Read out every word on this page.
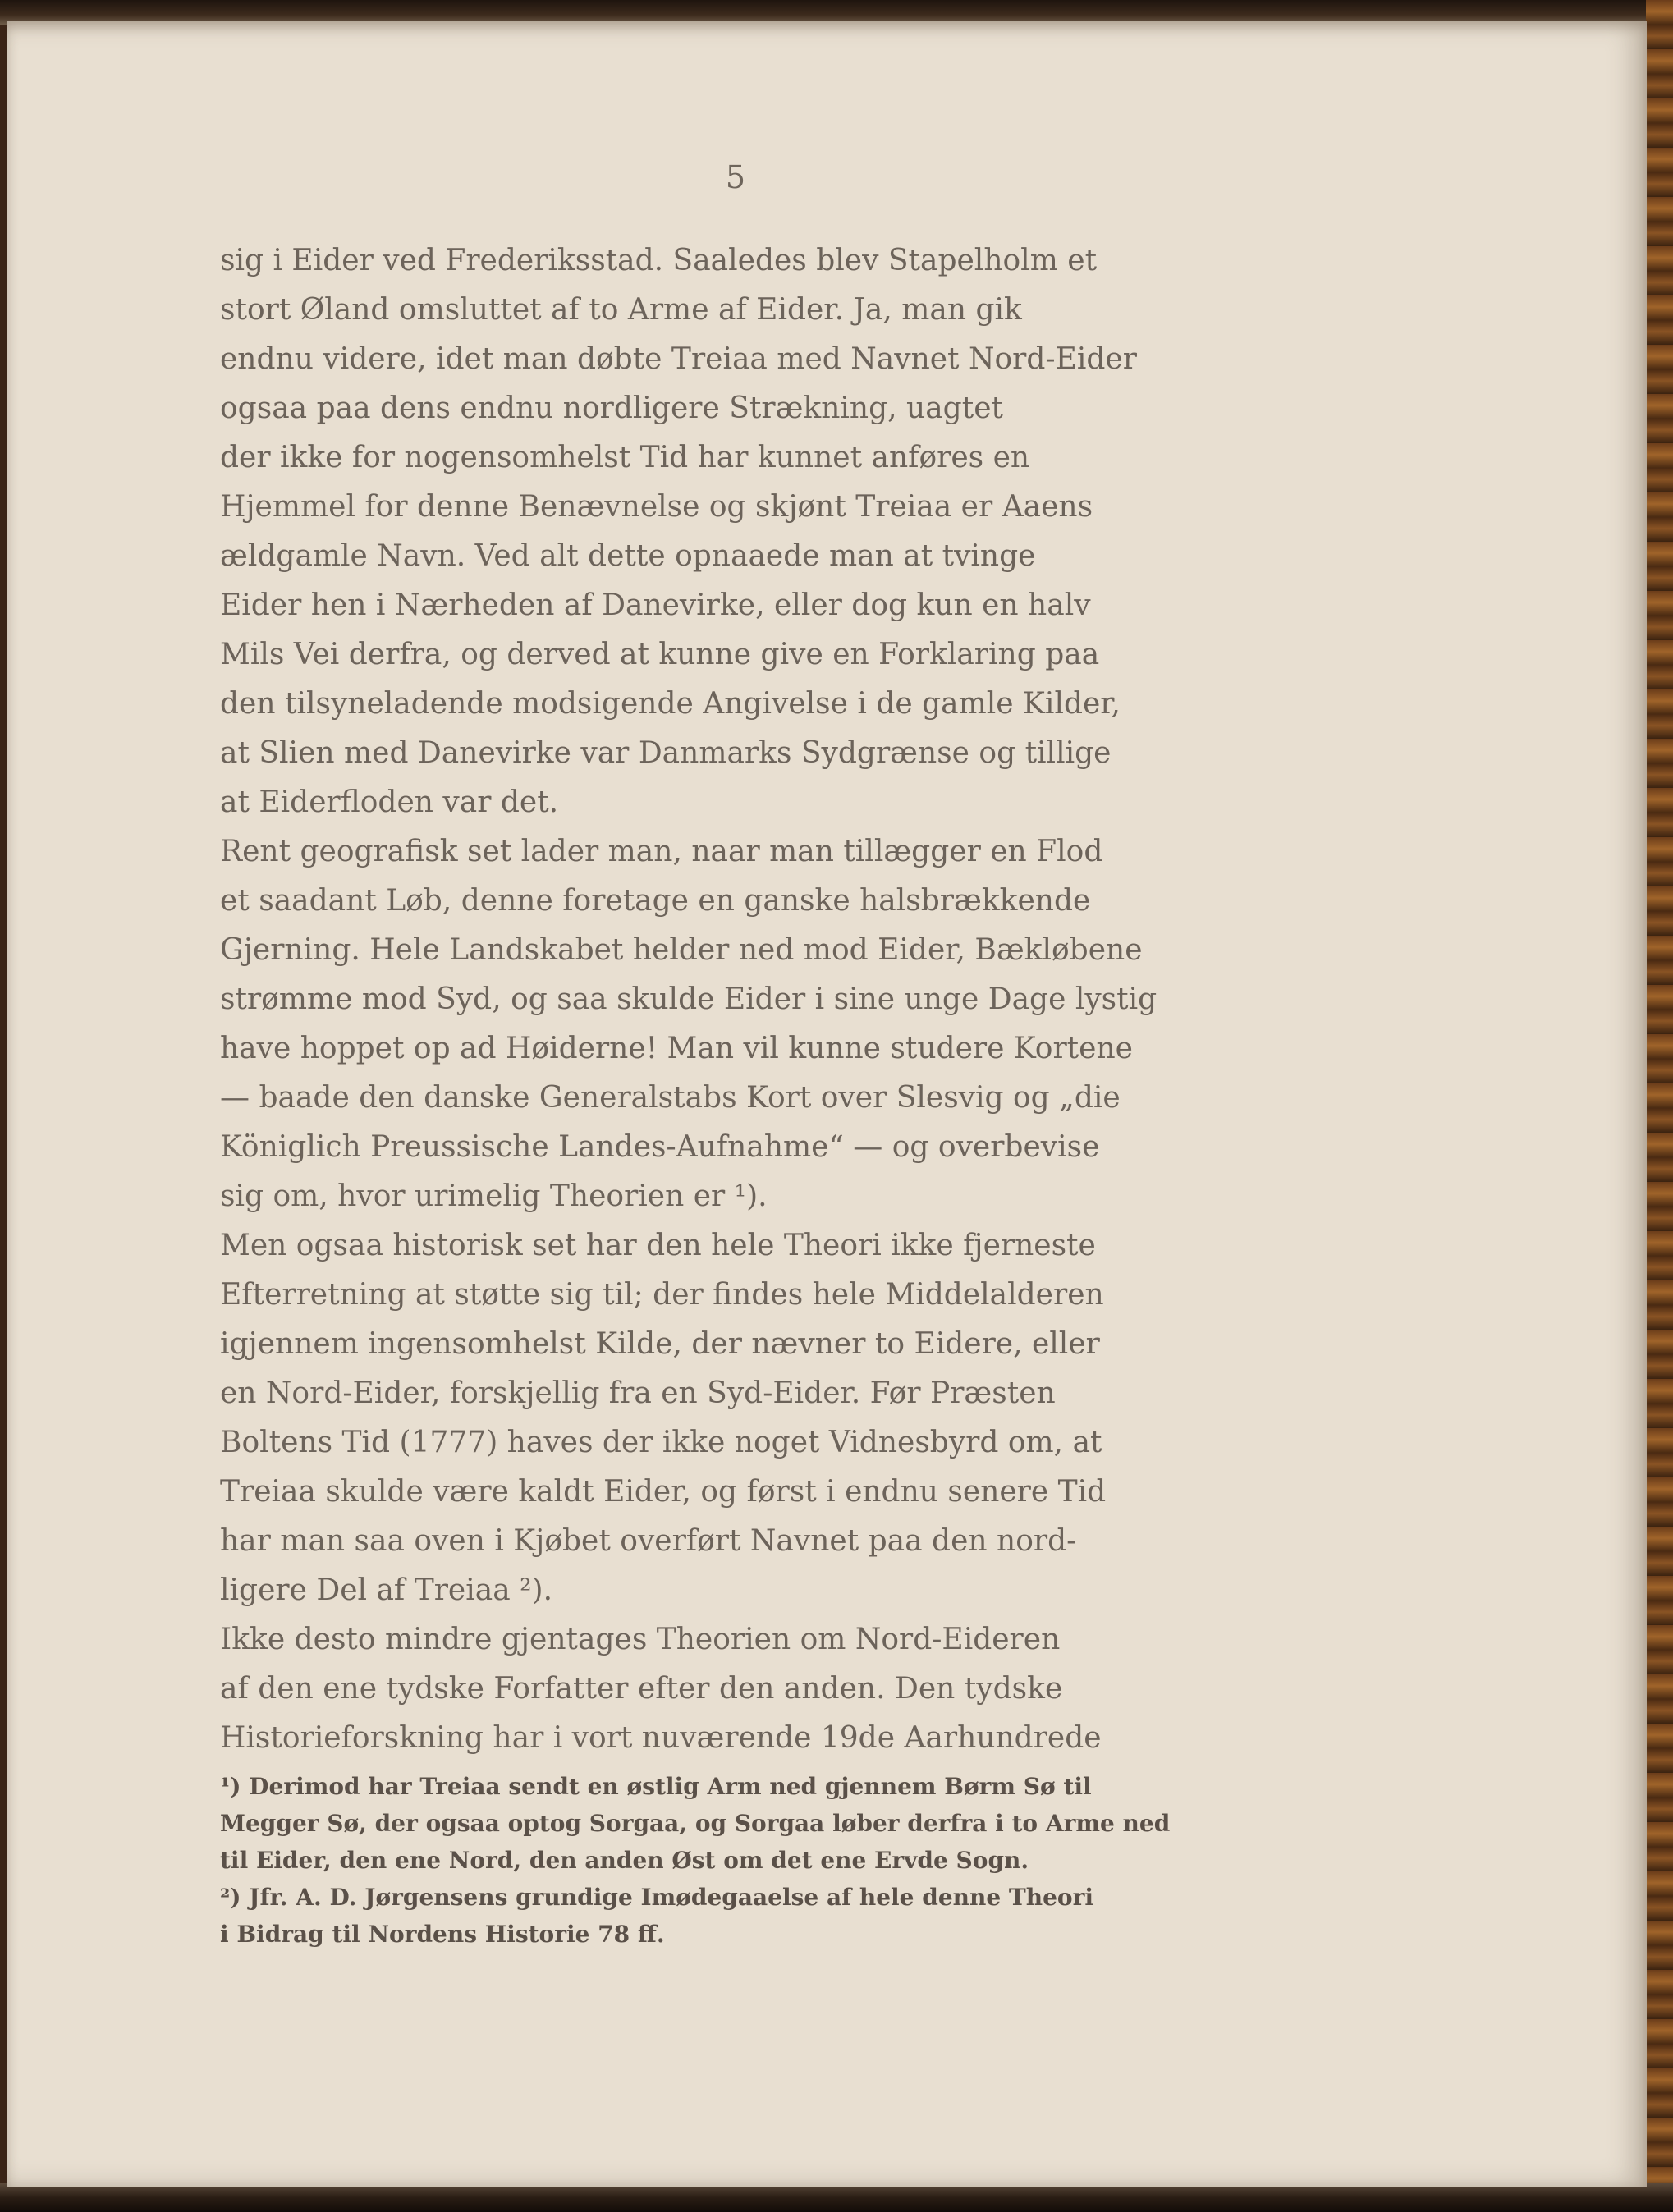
5

sig i Eider ved Frederiksstad. Saaledes blev Stapelholm et
stort Øland omsluttet af to Arme af Eider. Ja, man gik
endnu videre, idet man døbte Treiaa med Navnet Nord-Eider
ogsaa paa dens endnu nordligere Strækning, uagtet
der ikke for nogensomhelst Tid har kunnet anføres en
Hjemmel for denne Benævnelse og skjønt Treiaa er Aaens
ældgamle Navn. Ved alt dette opnaaede man at tvinge
Eider hen i Nærheden af Danevirke, eller dog kun en halv
Mils Vei derfra, og derved at kunne give en Forklaring paa
den tilsyneladende modsigende Angivelse i de gamle Kilder,
at Slien med Danevirke var Danmarks Sydgrænse og tillige
at Eiderfloden var det.

Rent geografisk set lader man, naar man tillægger en Flod
et saadant Løb, denne foretage en ganske halsbrækkende
Gjerning. Hele Landskabet helder ned mod Eider, Bækløbene
strømme mod Syd, og saa skulde Eider i sine unge Dage lystig
have hoppet op ad Høiderne! Man vil kunne studere Kortene
— baade den danske Generalstabs Kort over Slesvig og „die
Königlich Preussische Landes-Aufnahme“ — og overbevise
sig om, hvor urimelig Theorien er ¹).

Men ogsaa historisk set har den hele Theori ikke fjerneste
Efterretning at støtte sig til; der findes hele Middelalderen
igjennem ingensomhelst Kilde, der nævner to Eidere, eller
en Nord-Eider, forskjellig fra en Syd-Eider. Før Præsten
Boltens Tid (1777) haves der ikke noget Vidnesbyrd om, at
Treiaa skulde være kaldt Eider, og først i endnu senere Tid
har man saa oven i Kjøbet overført Navnet paa den nord-
ligere Del af Treiaa ²).

Ikke desto mindre gjentages Theorien om Nord-Eideren
af den ene tydske Forfatter efter den anden. Den tydske
Historieforskning har i vort nuværende 19de Aarhundrede

¹) Derimod har Treiaa sendt en østlig Arm ned gjennem Børm Sø til
Megger Sø, der ogsaa optog Sorgaa, og Sorgaa løber derfra i to Arme ned
til Eider, den ene Nord, den anden Øst om det ene Ervde Sogn.

²) Jfr. A. D. Jørgensens grundige Imødegaaelse af hele denne Theori
i Bidrag til Nordens Historie 78 ff.
